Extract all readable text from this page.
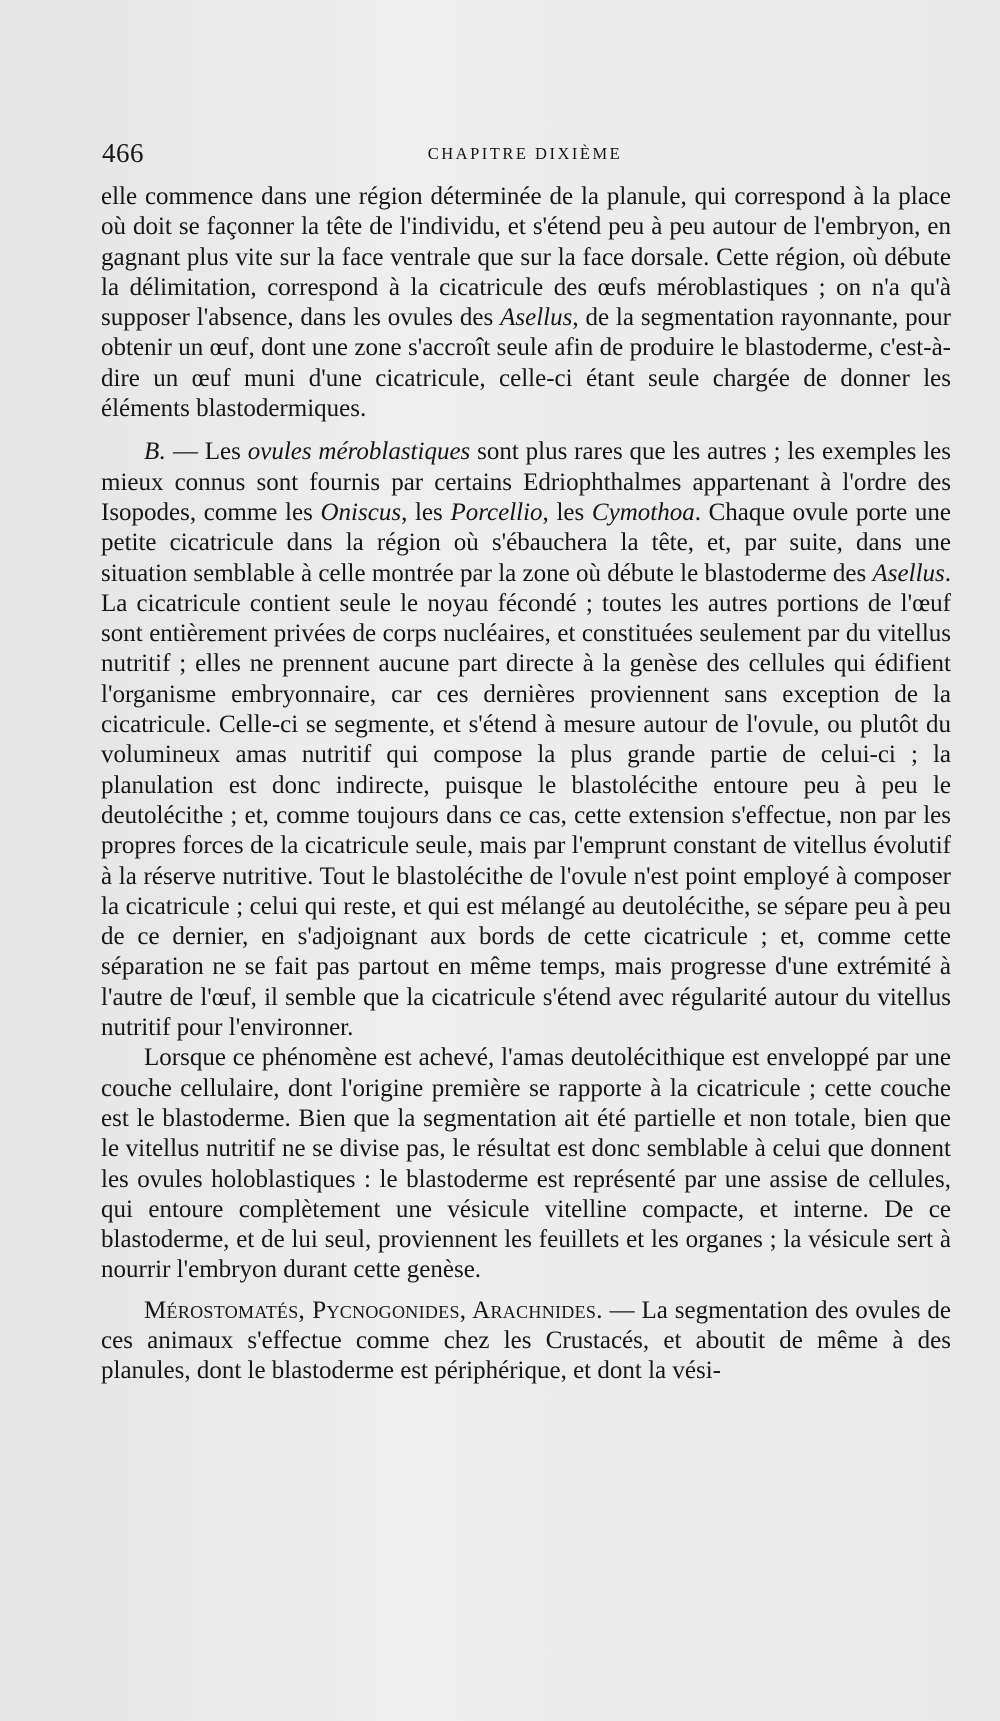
466	CHAPITRE DIXIÈME

elle commence dans une région déterminée de la planule, qui correspond à la place où doit se façonner la tête de l'individu, et s'étend peu à peu autour de l'embryon, en gagnant plus vite sur la face ventrale que sur la face dorsale. Cette région, où débute la délimitation, correspond à la cicatricule des œufs méroblastiques ; on n'a qu'à supposer l'absence, dans les ovules des Asellus, de la segmentation rayonnante, pour obtenir un œuf, dont une zone s'accroît seule afin de produire le blastoderme, c'est-à-dire un œuf muni d'une cicatricule, celle-ci étant seule chargée de donner les éléments blastodermiques.

B. — Les ovules méroblastiques sont plus rares que les autres ; les exemples les mieux connus sont fournis par certains Edriophthalmes appartenant à l'ordre des Isopodes, comme les Oniscus, les Porcellio, les Cymothoa. Chaque ovule porte une petite cicatricule dans la région où s'ébauchera la tête, et, par suite, dans une situation semblable à celle montrée par la zone où débute le blastoderme des Asellus. La cicatricule contient seule le noyau fécondé ; toutes les autres portions de l'œuf sont entièrement privées de corps nucléaires, et constituées seulement par du vitellus nutritif ; elles ne prennent aucune part directe à la genèse des cellules qui édifient l'organisme embryonnaire, car ces dernières proviennent sans exception de la cicatricule. Celle-ci se segmente, et s'étend à mesure autour de l'ovule, ou plutôt du volumineux amas nutritif qui compose la plus grande partie de celui-ci ; la planulation est donc indirecte, puisque le blastolécithe entoure peu à peu le deutolécithe ; et, comme toujours dans ce cas, cette extension s'effectue, non par les propres forces de la cicatricule seule, mais par l'emprunt constant de vitellus évolutif à la réserve nutritive. Tout le blastolécithe de l'ovule n'est point employé à composer la cicatricule ; celui qui reste, et qui est mélangé au deutolécithe, se sépare peu à peu de ce dernier, en s'adjoignant aux bords de cette cicatricule ; et, comme cette séparation ne se fait pas partout en même temps, mais progresse d'une extrémité à l'autre de l'œuf, il semble que la cicatricule s'étend avec régularité autour du vitellus nutritif pour l'environner.

Lorsque ce phénomène est achevé, l'amas deutolécithique est enveloppé par une couche cellulaire, dont l'origine première se rapporte à la cicatricule ; cette couche est le blastoderme. Bien que la segmentation ait été partielle et non totale, bien que le vitellus nutritif ne se divise pas, le résultat est donc semblable à celui que donnent les ovules holoblastiques : le blastoderme est représenté par une assise de cellules, qui entoure complètement une vésicule vitelline compacte, et interne. De ce blastoderme, et de lui seul, proviennent les feuillets et les organes ; la vésicule sert à nourrir l'embryon durant cette genèse.

Mérostomatés, Pycnogonides, Arachnides. — La segmentation des ovules de ces animaux s'effectue comme chez les Crustacés, et aboutit de même à des planules, dont le blastoderme est périphérique, et dont la vési-
